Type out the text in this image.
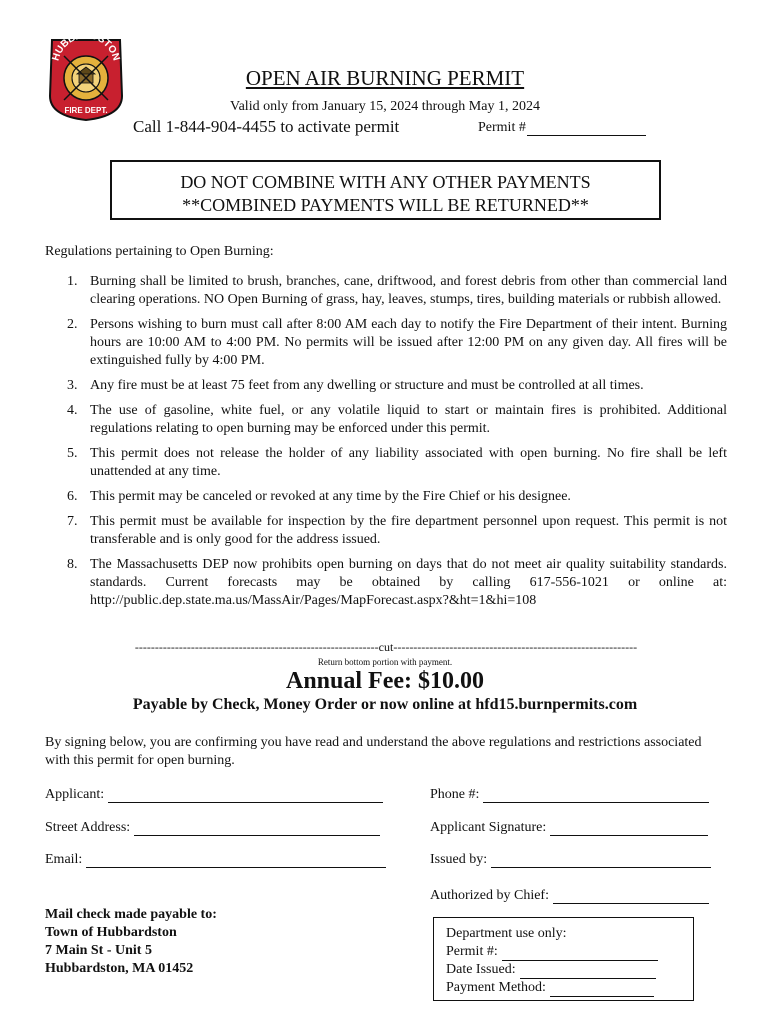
HUBBA DSTON
FIRE DEPT.
OPEN AIR BURNING PERMIT
Valid only from January 15, 2024 through May 1, 2024
Call 1-844-904-4455 to activate permit	Permit #
DO NOT COMBINE WITH ANY OTHER PAYMENTS
**COMBINED PAYMENTS WILL BE RETURNED**
Regulations pertaining to Open Burning:
1. Burning shall be limited to brush, branches, cane, driftwood, and forest debris from other than commercial land clearing operations. NO Open Burning of grass, hay, leaves, stumps, tires, building materials or rubbish allowed.
2. Persons wishing to burn must call after 8:00 AM each day to notify the Fire Department of their intent. Burning hours are 10:00 AM to 4:00 PM. No permits will be issued after 12:00 PM on any given day. All fires will be extinguished fully by 4:00 PM.
3. Any fire must be at least 75 feet from any dwelling or structure and must be controlled at all times.
4. The use of gasoline, white fuel, or any volatile liquid to start or maintain fires is prohibited. Additional regulations relating to open burning may be enforced under this permit.
5. This permit does not release the holder of any liability associated with open burning. No fire shall be left unattended at any time.
6. This permit may be canceled or revoked at any time by the Fire Chief or his designee.
7. This permit must be available for inspection by the fire department personnel upon request. This permit is not transferable and is only good for the address issued.
8. The Massachusetts DEP now prohibits open burning on days that do not meet air quality suitability standards. standards. Current forecasts may be obtained by calling 617-556-1021 or online at: http://public.dep.state.ma.us/MassAir/Pages/MapForecast.aspx?&ht=1&hi=108
-------------------------------------------------------------cut-------------------------------------------------------------
Return bottom portion with payment.
Annual Fee: $10.00
Payable by Check, Money Order or now online at hfd15.burnpermits.com
By signing below, you are confirming you have read and understand the above regulations and restrictions associated with this permit for open burning.
Applicant:
Street Address:
Email:
Phone #:
Applicant Signature:
Issued by:
Authorized by Chief:
Mail check made payable to:
Town of Hubbardston
7 Main St - Unit 5
Hubbardston, MA 01452
Department use only:
Permit #:
Date Issued:
Payment Method:
